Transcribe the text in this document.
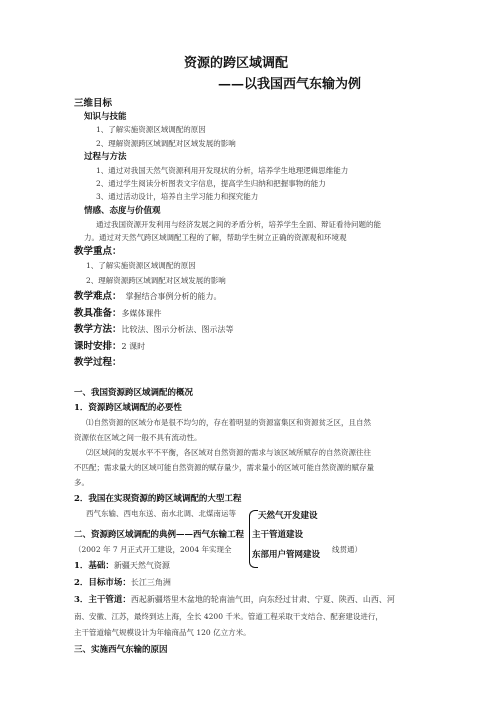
资源的跨区域调配
——以我国西气东输为例
三维目标
知识与技能
1、了解实施资源区域调配的原因
2、理解资源跨区域调配对区域发展的影响
过程与方法
1、通过对我国天然气资源利用开发现状的分析，培养学生地理逻辑思维能力
2、通过学生阅读分析图表文字信息，提高学生归纳和把握事物的能力
3、通过活动设计，培养自主学习能力和探究能力
情感、态度与价值观
通过我国资源开发利用与经济发展之间的矛盾分析，培养学生全面、辩证看待问题的能
力。通过对天然气跨区域调配工程的了解，帮助学生树立正确的资源观和环境观
教学重点：
1、了解实施资源区域调配的原因
2、理解资源跨区域调配对区域发展的影响
教学难点： 掌握结合事例分析的能力。
教具准备：多媒体课件
教学方法：比较法、图示分析法、图示法等
课时安排：2 课时
教学过程：
一、我国资源跨区域调配的概况
1．资源跨区域调配的必要性
⑴自然资源的区域分布是很不均匀的，存在着明显的资源富集区和资源贫乏区，且自然
资源依在区域之间一般不具有流动性。
⑵区域间的发展水平不平衡，各区域对自然资源的需求与该区域所赋存的自然资源往往
不匹配；需求量大的区域可能自然资源的赋存量少，需求量小的区域可能自然资源的赋存量
多。
2．我国在实现资源的跨区域调配的大型工程
西气东输、西电东送、南水北调、北煤南运等	天然气开发建设
主干管道建设
东部用户管网建设
二、资源跨区域调配的典例——西气东输工程
（2002 年 7 月正式开工建设，2004 年实现全	线贯通）
1．基础：新疆天然气资源
2．目标市场：长江三角洲
3．主干管道：西起新疆塔里木盆地的轮南油气田，向东经过甘肃、宁夏、陕西、山西、河
南、安徽、江苏，最终到达上海，全长 4200 千米。管道工程采取干支结合、配套建设进行，
主干管道输气规模设计为年输商品气 120 亿立方米。
三、实施西气东输的原因
